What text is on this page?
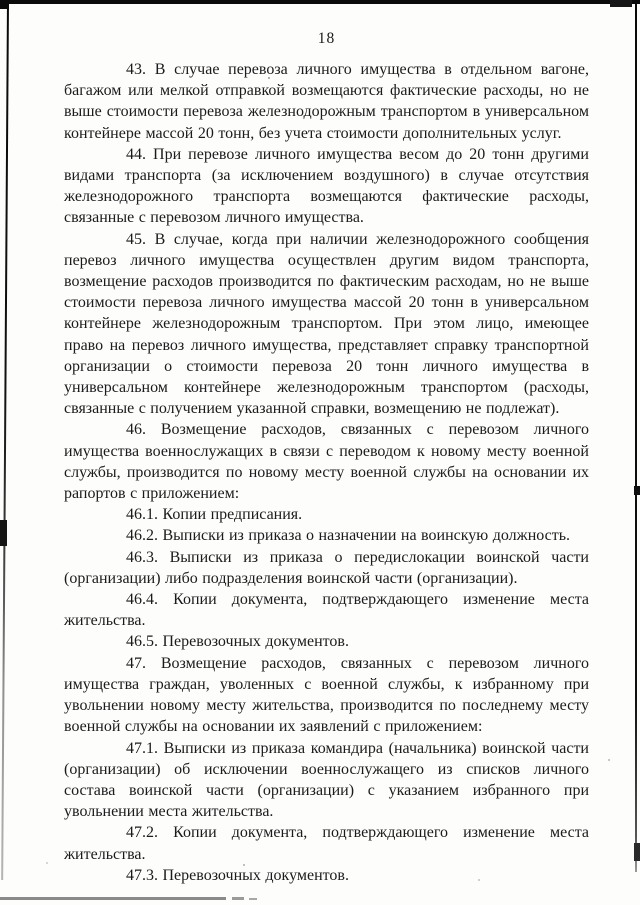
18

43. В случае перевоза личного имущества в отдельном вагоне, багажом или мелкой отправкой возмещаются фактические расходы, но не выше стоимости перевоза железнодорожным транспортом в универсальном контейнере массой 20 тонн, без учета стоимости дополнительных услуг.

44. При перевозе личного имущества весом до 20 тонн другими видами транспорта (за исключением воздушного) в случае отсутствия железнодорожного транспорта возмещаются фактические расходы, связанные с перевозом личного имущества.

45. В случае, когда при наличии железнодорожного сообщения перевоз личного имущества осуществлен другим видом транспорта, возмещение расходов производится по фактическим расходам, но не выше стоимости перевоза личного имущества массой 20 тонн в универсальном контейнере железнодорожным транспортом. При этом лицо, имеющее право на перевоз личного имущества, представляет справку транспортной организации о стоимости перевоза 20 тонн личного имущества в универсальном контейнере железнодорожным транспортом (расходы, связанные с получением указанной справки, возмещению не подлежат).

46. Возмещение расходов, связанных с перевозом личного имущества военнослужащих в связи с переводом к новому месту военной службы, производится по новому месту военной службы на основании их рапортов с приложением:

46.1. Копии предписания.

46.2. Выписки из приказа о назначении на воинскую должность.

46.3. Выписки из приказа о передислокации воинской части (организации) либо подразделения воинской части (организации).

46.4. Копии документа, подтверждающего изменение места жительства.

46.5. Перевозочных документов.

47. Возмещение расходов, связанных с перевозом личного имущества граждан, уволенных с военной службы, к избранному при увольнении новому месту жительства, производится по последнему месту военной службы на основании их заявлений с приложением:

47.1. Выписки из приказа командира (начальника) воинской части (организации) об исключении военнослужащего из списков личного состава воинской части (организации) с указанием избранного при увольнении места жительства.

47.2. Копии документа, подтверждающего изменение места жительства.

47.3. Перевозочных документов.
